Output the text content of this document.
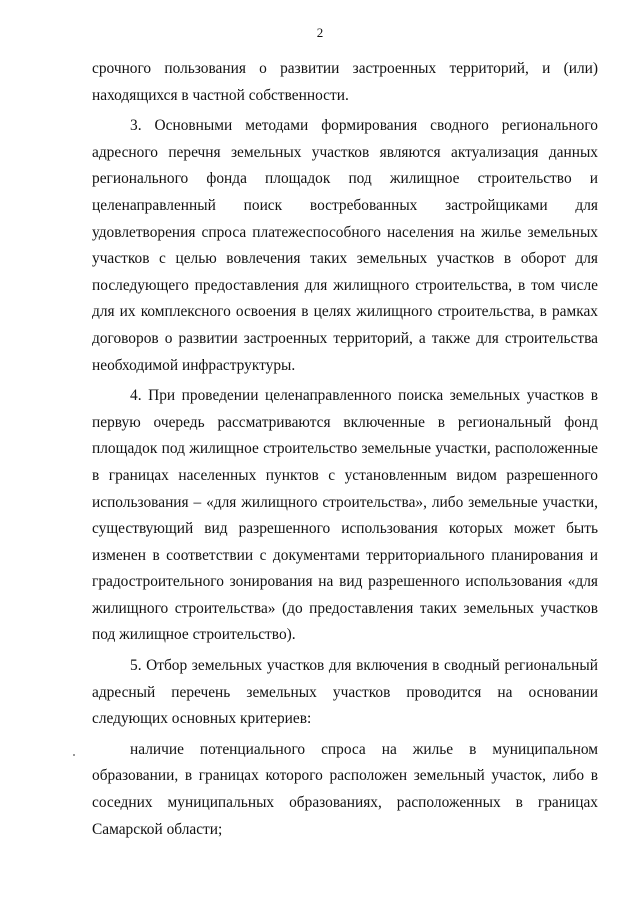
2

срочного пользования о развитии застроенных территорий, и (или) находящихся в частной собственности.

3. Основными методами формирования сводного регионального адресного перечня земельных участков являются актуализация данных регионального фонда площадок под жилищное строительство и целенаправленный поиск востребованных застройщиками для удовлетворения спроса платежеспособного населения на жилье земельных участков с целью вовлечения таких земельных участков в оборот для последующего предоставления для жилищного строительства, в том числе для их комплексного освоения в целях жилищного строительства, в рамках договоров о развитии застроенных территорий, а также для строительства необходимой инфраструктуры.

4. При проведении целенаправленного поиска земельных участков в первую очередь рассматриваются включенные в региональный фонд площадок под жилищное строительство земельные участки, расположенные в границах населенных пунктов с установленным видом разрешенного использования – «для жилищного строительства», либо земельные участки, существующий вид разрешенного использования которых может быть изменен в соответствии с документами территориального планирования и градостроительного зонирования на вид разрешенного использования «для жилищного строительства» (до предоставления таких земельных участков под жилищное строительство).

5. Отбор земельных участков для включения в сводный региональный адресный перечень земельных участков проводится на основании следующих основных критериев:

наличие потенциального спроса на жилье в муниципальном образовании, в границах которого расположен земельный участок, либо в соседних муниципальных образованиях, расположенных в границах Самарской области;
